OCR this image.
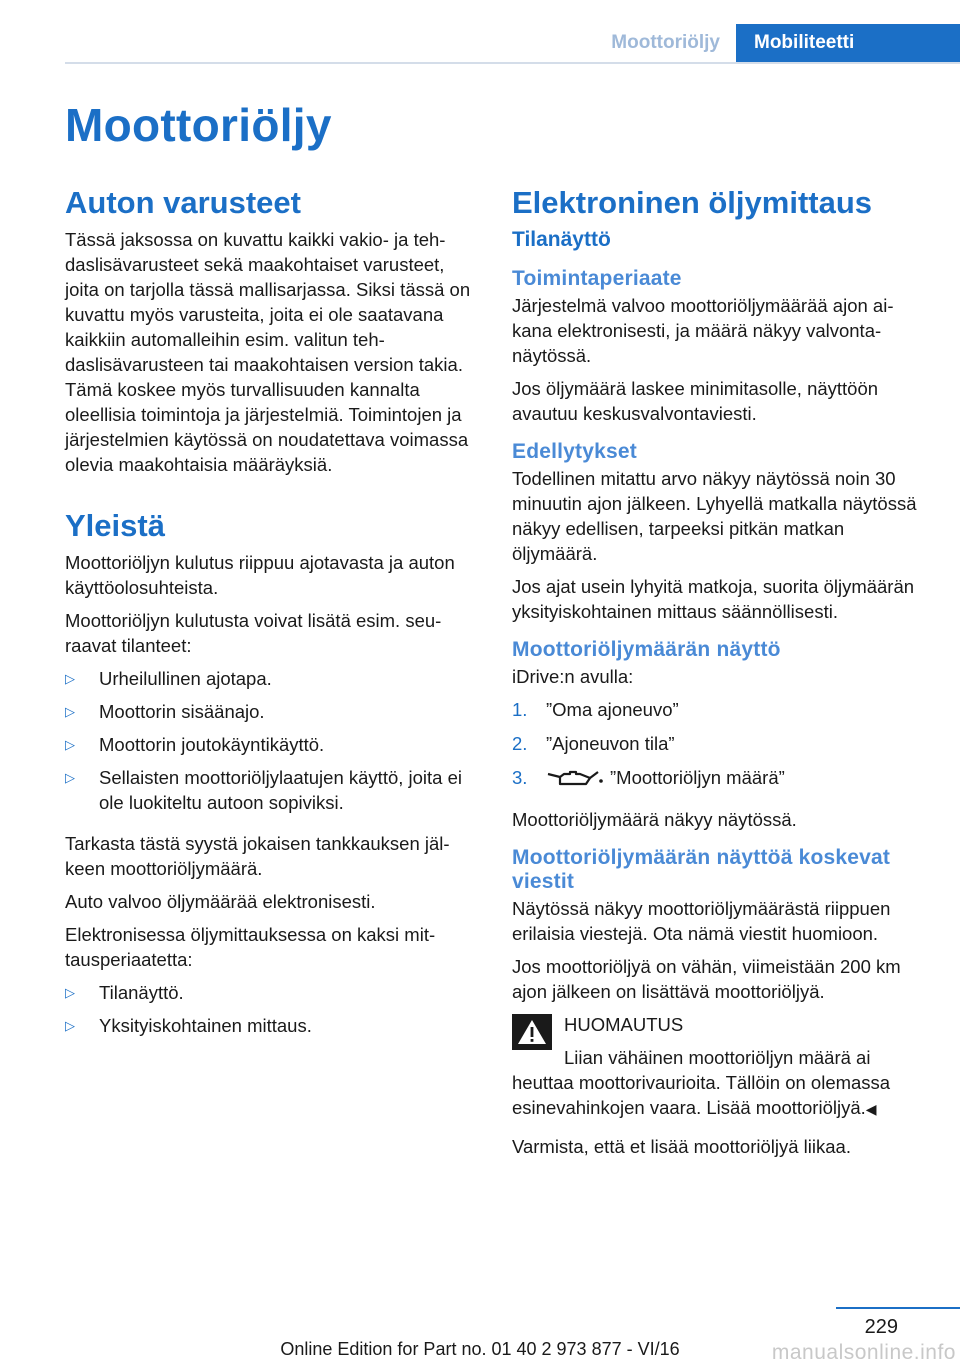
Moottoriöljy	Mobiliteetti
Moottoriöljy
Auton varusteet

Tässä jaksossa on kuvattu kaikki vakio- ja tehdaslisävarusteet sekä maakohtaiset varusteet, joita on tarjolla tässä mallisarjassa. Siksi tässä on kuvattu myös varusteita, joita ei ole saatavana kaikkiin automalleihin esim. valitun tehdaslisävarusteen tai maakohtaisen version takia. Tämä koskee myös turvallisuuden kannalta oleellisia toimintoja ja järjestelmiä. Toimintojen ja järjestelmien käytössä on noudatettava voimassa olevia maakohtaisia määräyksiä.

Yleistä

Moottoriöljyn kulutus riippuu ajotavasta ja auton käyttöolosuhteista.

Moottoriöljyn kulutusta voivat lisätä esim. seuraavat tilanteet:

▷	Urheilullinen ajotapa.
▷	Moottorin sisäänajo.
▷	Moottorin joutokäyntikäyttö.
▷	Sellaisten moottoriöljylaatujen käyttö, joita ei ole luokiteltu autoon sopiviksi.

Tarkasta tästä syystä jokaisen tankkauksen jälkeen moottoriöljymäärä.

Auto valvoo öljymäärää elektronisesti.

Elektronisessa öljymittauksessa on kaksi mittausperiaatetta:

▷	Tilanäyttö.
▷	Yksityiskohtainen mittaus.
Elektroninen öljymittaus
Tilanäyttö
Toimintaperiaate

Järjestelmä valvoo moottoriöljymäärää ajon aikana elektronisesti, ja määrä näkyy valvontanäytössä.

Jos öljymäärä laskee minimitasolle, näyttöön avautuu keskusvalvontaviesti.

Edellytykset

Todellinen mitattu arvo näkyy näytössä noin 30 minuutin ajon jälkeen. Lyhyellä matkalla näytössä näkyy edellisen, tarpeeksi pitkän matkan öljymäärä.

Jos ajat usein lyhyitä matkoja, suorita öljymäärän yksityiskohtainen mittaus säännöllisesti.

Moottoriöljymäärän näyttö

iDrive:n avulla:

1.	”Oma ajoneuvo”
2.	”Ajoneuvon tila”
3.	”Moottoriöljyn määrä”

Moottoriöljymäärä näkyy näytössä.

Moottoriöljymäärän näyttöä koskevat viestit

Näytössä näkyy moottoriöljymäärästä riippuen erilaisia viestejä. Ota nämä viestit huomioon.

Jos moottoriöljyä on vähän, viimeistään 200 km ajon jälkeen on lisättävä moottoriöljyä.

HUOMAUTUS

Liian vähäinen moottoriöljyn määrä ai

heuttaa moottorivaurioita. Tällöin on olemassa esinevahinkojen vaara. Lisää moottoriöljyä.◀

Varmista, että et lisää moottoriöljyä liikaa.

229
Online Edition for Part no. 01 40 2 973 877 - VI/16	manualsonline.info
